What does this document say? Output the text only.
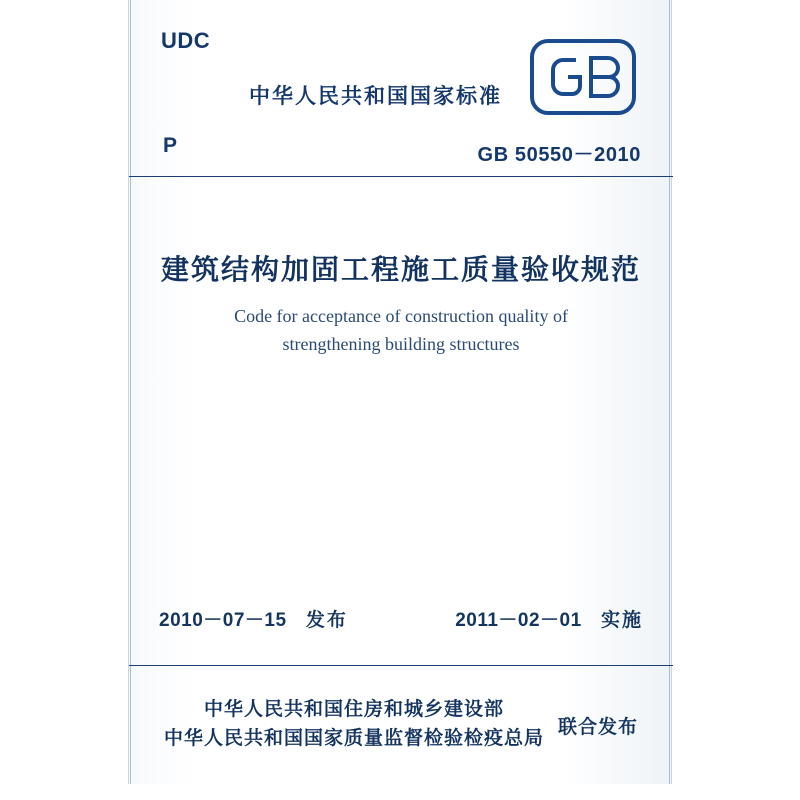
UDC
P
中华人民共和国国家标准
GB 50550－2010
建筑结构加固工程施工质量验收规范
Code for acceptance of construction quality of
strengthening building structures
2010－07－15 发布	2011－02－01 实施
中华人民共和国住房和城乡建设部
中华人民共和国国家质量监督检验检疫总局
联合发布
